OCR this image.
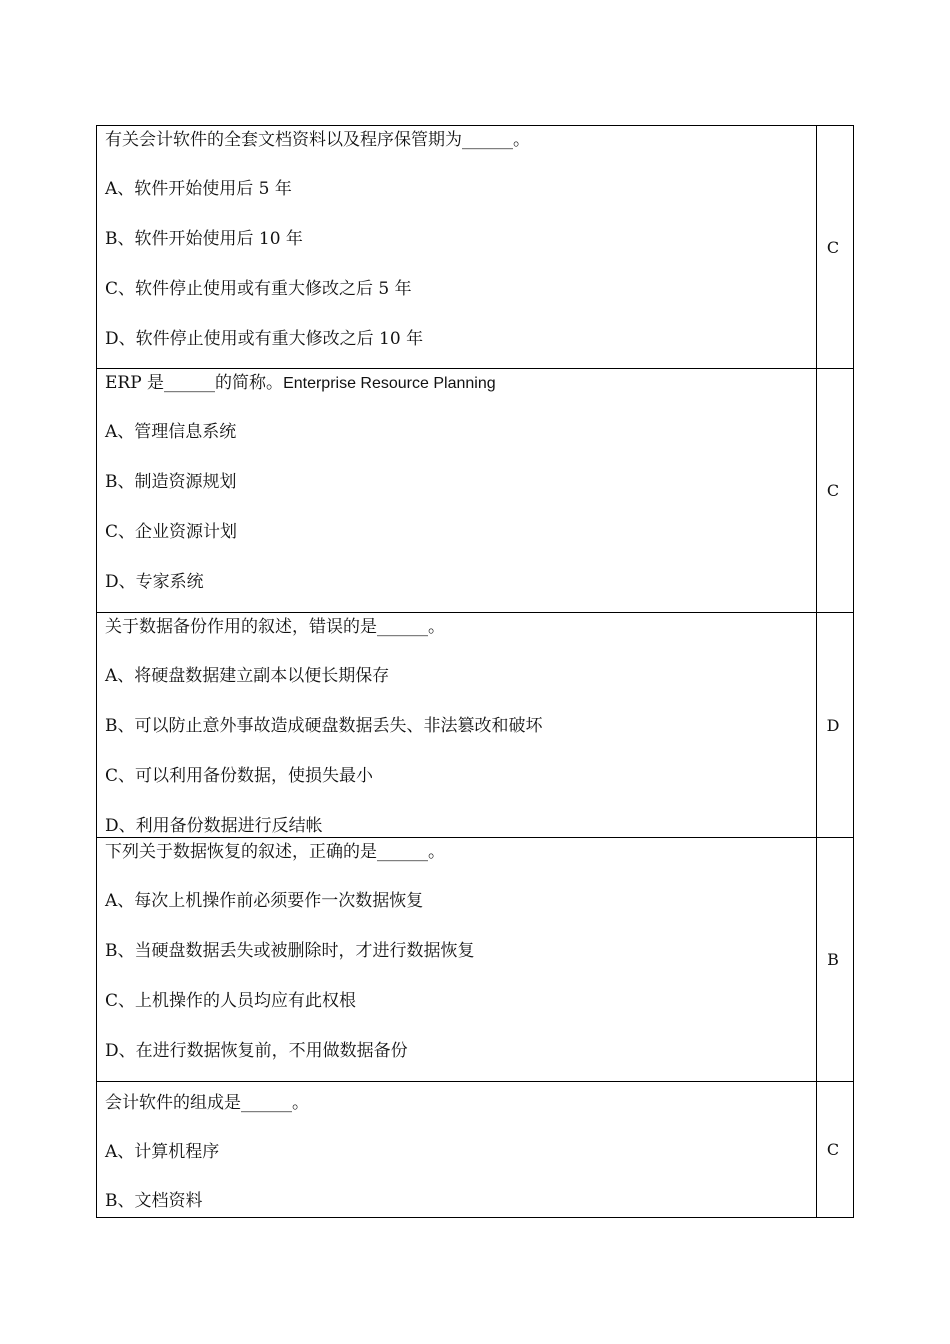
有关会计软件的全套文档资料以及程序保管期为______。
A、软件开始使用后 5 年
B、软件开始使用后 10 年
C、软件停止使用或有重大修改之后 5 年
D、软件停止使用或有重大修改之后 10 年	C

ERP 是______的简称。Enterprise Resource Planning
A、管理信息系统
B、制造资源规划
C、企业资源计划
D、专家系统	C

关于数据备份作用的叙述，错误的是______。
A、将硬盘数据建立副本以便长期保存
B、可以防止意外事故造成硬盘数据丢失、非法篡改和破坏
C、可以利用备份数据，使损失最小
D、利用备份数据进行反结帐	D

下列关于数据恢复的叙述，正确的是______。
A、每次上机操作前必须要作一次数据恢复
B、当硬盘数据丢失或被删除时，才进行数据恢复
C、上机操作的人员均应有此权根
D、在进行数据恢复前，不用做数据备份	B

会计软件的组成是______。
A、计算机程序
B、文档资料	C
